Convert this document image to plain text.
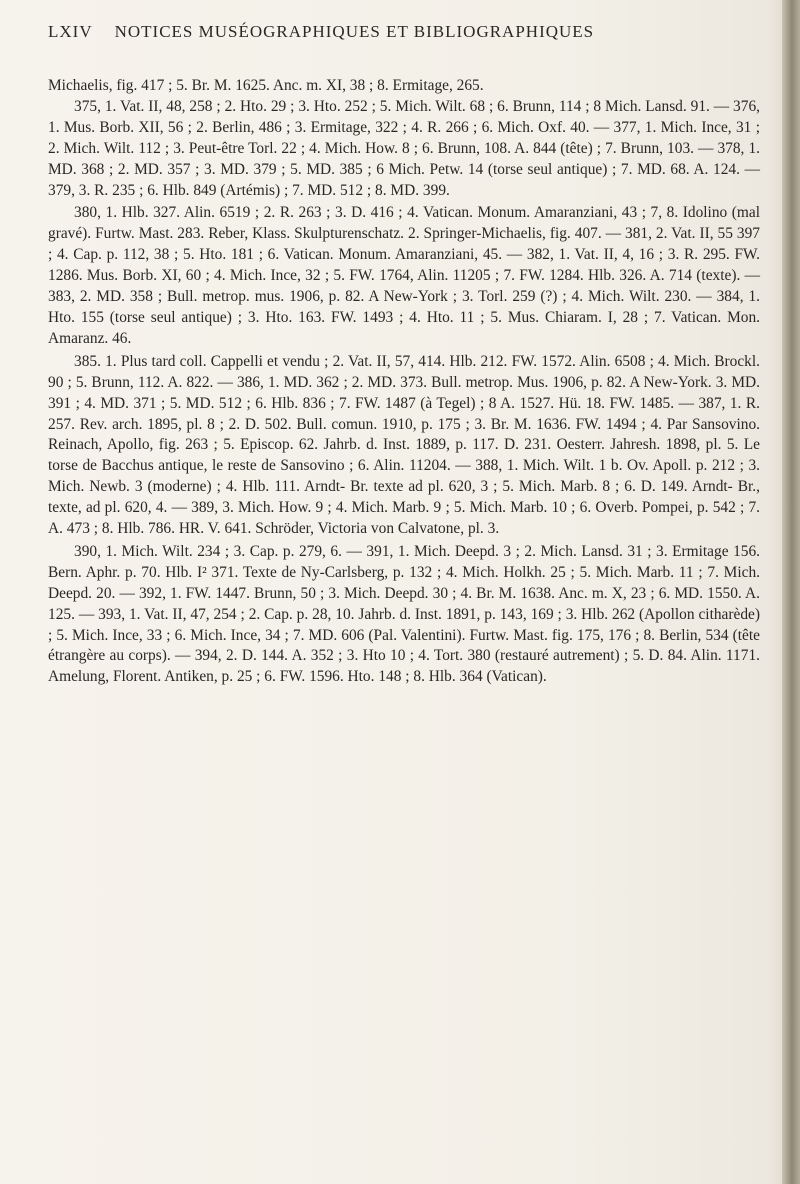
LXIV NOTICES MUSÉOGRAPHIQUES ET BIBLIOGRAPHIQUES

Michaelis, fig. 417 ; 5. Br. M. 1625. Anc. m. XI, 38 ; 8. Ermitage, 265.

375, 1. Vat. II, 48, 258 ; 2. Hto. 29 ; 3. Hto. 252 ; 5. Mich. Wilt. 68 ; 6. Brunn, 114 ; 8 Mich. Lansd. 91. — 376, 1. Mus. Borb. XII, 56 ; 2. Berlin, 486 ; 3. Ermitage, 322 ; 4. R. 266 ; 6. Mich. Oxf. 40. — 377, 1. Mich. Ince, 31 ; 2. Mich. Wilt. 112 ; 3. Peut-être Torl. 22 ; 4. Mich. How. 8 ; 6. Brunn, 108. A. 844 (tête) ; 7. Brunn, 103. — 378, 1. MD. 368 ; 2. MD. 357 ; 3. MD. 379 ; 5. MD. 385 ; 6 Mich. Petw. 14 (torse seul antique) ; 7. MD. 68. A. 124. — 379, 3. R. 235 ; 6. Hlb. 849 (Artémis) ; 7. MD. 512 ; 8. MD. 399.

380, 1. Hlb. 327. Alin. 6519 ; 2. R. 263 ; 3. D. 416 ; 4. Vatican. Monum. Amaranziani, 43 ; 7, 8. Idolino (mal gravé). Furtw. Mast. 283. Reber, Klass. Skulpturenschatz. 2. Springer-Michaelis, fig. 407. — 381, 2. Vat. II, 55 397 ; 4. Cap. p. 112, 38 ; 5. Hto. 181 ; 6. Vatican. Monum. Amaranziani, 45. — 382, 1. Vat. II, 4, 16 ; 3. R. 295. FW. 1286. Mus. Borb. XI, 60 ; 4. Mich. Ince, 32 ; 5. FW. 1764, Alin. 11205 ; 7. FW. 1284. Hlb. 326. A. 714 (texte). — 383, 2. MD. 358 ; Bull. metrop. mus. 1906, p. 82. A New-York ; 3. Torl. 259 (?) ; 4. Mich. Wilt. 230. — 384, 1. Hto. 155 (torse seul antique) ; 3. Hto. 163. FW. 1493 ; 4. Hto. 11 ; 5. Mus. Chiaram. I, 28 ; 7. Vatican. Mon. Amaranz. 46.

385. 1. Plus tard coll. Cappelli et vendu ; 2. Vat. II, 57, 414. Hlb. 212. FW. 1572. Alin. 6508 ; 4. Mich. Brockl. 90 ; 5. Brunn, 112. A. 822. — 386, 1. MD. 362 ; 2. MD. 373. Bull. metrop. Mus. 1906, p. 82. A New-York. 3. MD. 391 ; 4. MD. 371 ; 5. MD. 512 ; 6. Hlb. 836 ; 7. FW. 1487 (à Tegel) ; 8 A. 1527. Hü. 18. FW. 1485. — 387, 1. R. 257. Rev. arch. 1895, pl. 8 ; 2. D. 502. Bull. comun. 1910, p. 175 ; 3. Br. M. 1636. FW. 1494 ; 4. Par Sansovino. Reinach, Apollo, fig. 263 ; 5. Episcop. 62. Jahrb. d. Inst. 1889, p. 117. D. 231. Oesterr. Jahresh. 1898, pl. 5. Le torse de Bacchus antique, le reste de Sansovino ; 6. Alin. 11204. — 388, 1. Mich. Wilt. 1 b. Ov. Apoll. p. 212 ; 3. Mich. Newb. 3 (moderne) ; 4. Hlb. 111. Arndt- Br. texte ad pl. 620, 3 ; 5. Mich. Marb. 8 ; 6. D. 149. Arndt- Br., texte, ad pl. 620, 4. — 389, 3. Mich. How. 9 ; 4. Mich. Marb. 9 ; 5. Mich. Marb. 10 ; 6. Overb. Pompei, p. 542 ; 7. A. 473 ; 8. Hlb. 786. HR. V. 641. Schröder, Victoria von Calvatone, pl. 3.

390, 1. Mich. Wilt. 234 ; 3. Cap. p. 279, 6. — 391, 1. Mich. Deepd. 3 ; 2. Mich. Lansd. 31 ; 3. Ermitage 156. Bern. Aphr. p. 70. Hlb. I² 371. Texte de Ny-Carlsberg, p. 132 ; 4. Mich. Holkh. 25 ; 5. Mich. Marb. 11 ; 7. Mich. Deepd. 20. — 392, 1. FW. 1447. Brunn, 50 ; 3. Mich. Deepd. 30 ; 4. Br. M. 1638. Anc. m. X, 23 ; 6. MD. 1550. A. 125. — 393, 1. Vat. II, 47, 254 ; 2. Cap. p. 28, 10. Jahrb. d. Inst. 1891, p. 143, 169 ; 3. Hlb. 262 (Apollon citharède) ; 5. Mich. Ince, 33 ; 6. Mich. Ince, 34 ; 7. MD. 606 (Pal. Valentini). Furtw. Mast. fig. 175, 176 ; 8. Berlin, 534 (tête étrangère au corps). — 394, 2. D. 144. A. 352 ; 3. Hto 10 ; 4. Tort. 380 (restauré autrement) ; 5. D. 84. Alin. 1171. Amelung, Florent. Antiken, p. 25 ; 6. FW. 1596. Hto. 148 ; 8. Hlb. 364 (Vatican).
